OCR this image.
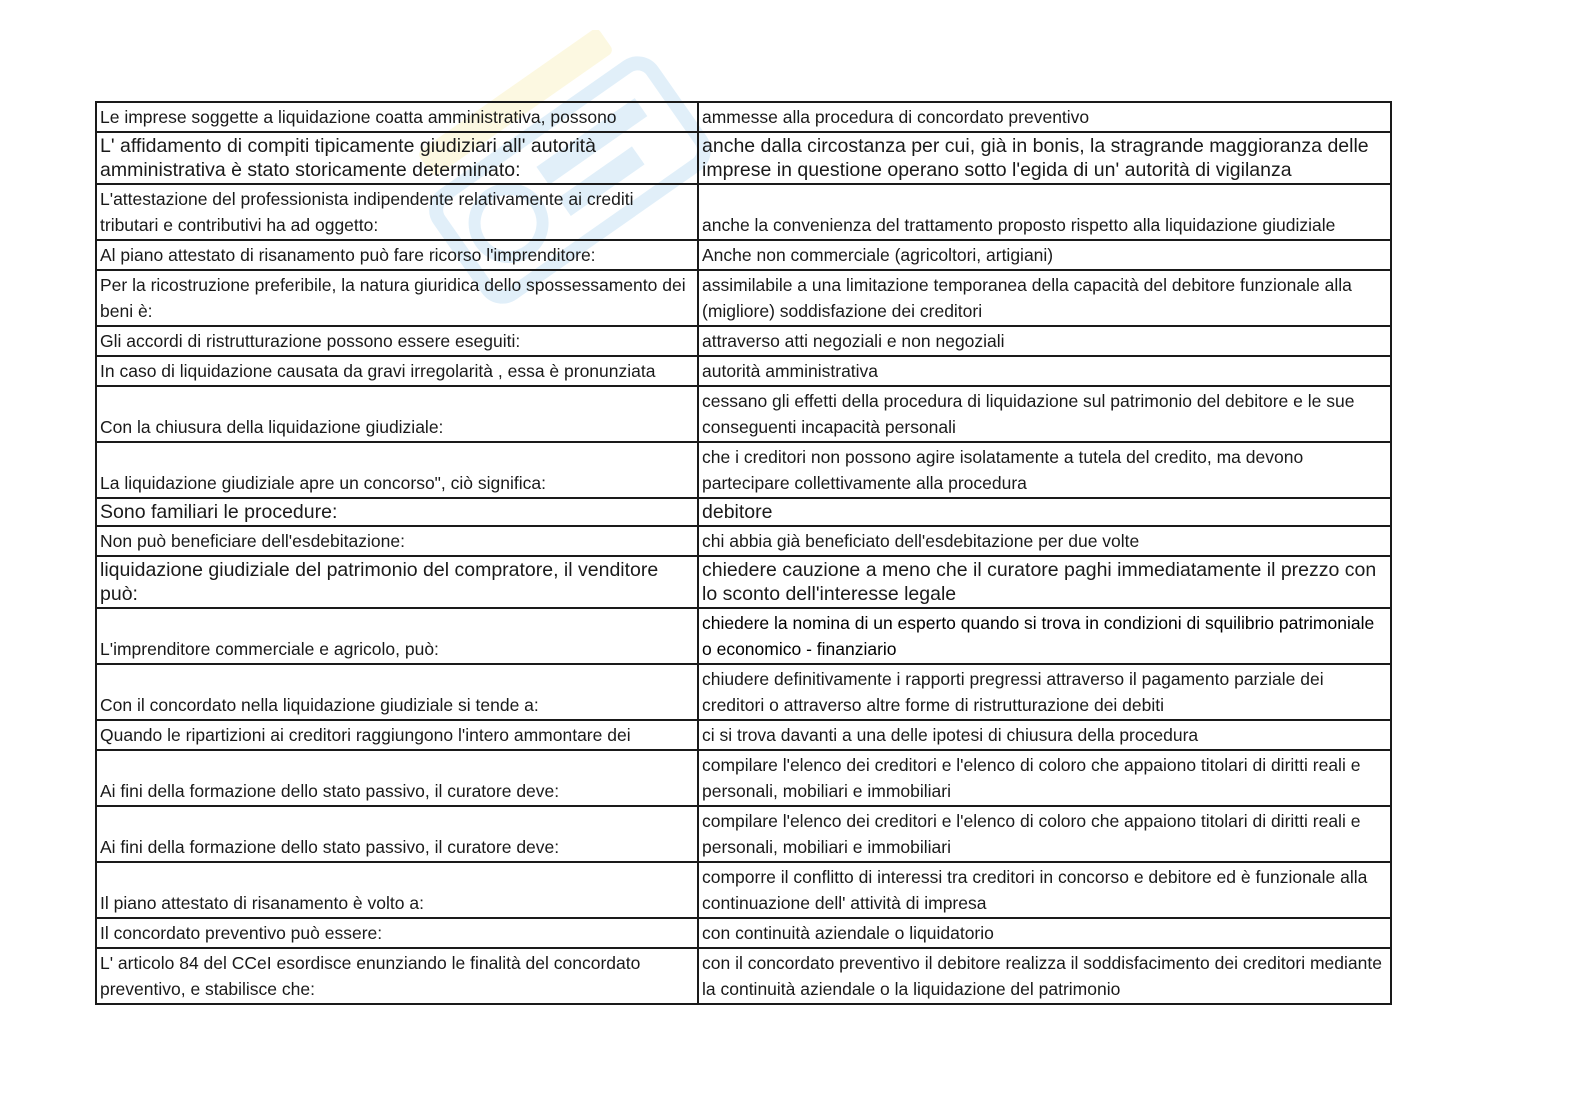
Le imprese soggette a liquidazione coatta amministrativa, possono	ammesse alla procedura di concordato preventivo
L' affidamento di compiti tipicamente giudiziari all' autorità amministrativa è stato storicamente determinato:	anche dalla circostanza per cui, già in bonis, la stragrande maggioranza delle imprese in questione operano sotto l'egida di un' autorità di vigilanza
L'attestazione del professionista indipendente relativamente ai crediti tributari e contributivi ha ad oggetto:	anche la convenienza del trattamento proposto rispetto alla liquidazione giudiziale
Al piano attestato di risanamento può fare ricorso l'imprenditore:	Anche non commerciale (agricoltori, artigiani)
Per la ricostruzione preferibile, la natura giuridica dello spossessamento dei beni è:	assimilabile a una limitazione temporanea della capacità del debitore funzionale alla (migliore) soddisfazione dei creditori
Gli accordi di ristrutturazione possono essere eseguiti:	attraverso atti negoziali e non negoziali
In caso di liquidazione causata da gravi irregolarità , essa è pronunziata	autorità amministrativa
Con la chiusura della liquidazione giudiziale:	cessano gli effetti della procedura di liquidazione sul patrimonio del debitore e le sue conseguenti incapacità personali
La liquidazione giudiziale apre un concorso", ciò significa:	che i creditori non possono agire isolatamente a tutela del credito, ma devono partecipare collettivamente alla procedura
Sono familiari le procedure:	debitore
Non può beneficiare dell'esdebitazione:	chi abbia già beneficiato dell'esdebitazione per due volte
liquidazione giudiziale del patrimonio del compratore, il venditore può:	chiedere cauzione a meno che il curatore paghi immediatamente il prezzo con lo sconto dell'interesse legale
L'imprenditore commerciale e agricolo, può:	chiedere la nomina di un esperto quando si trova in condizioni di squilibrio patrimoniale o economico - finanziario
Con il concordato nella liquidazione giudiziale si tende a:	chiudere definitivamente i rapporti pregressi attraverso il pagamento parziale dei creditori o attraverso altre forme di ristrutturazione dei debiti
Quando le ripartizioni ai creditori raggiungono l'intero ammontare dei	ci si trova davanti a una delle ipotesi di chiusura della procedura
Ai fini della formazione dello stato passivo, il curatore deve:	compilare l'elenco dei creditori e l'elenco di coloro che appaiono titolari di diritti reali e personali, mobiliari e immobiliari
Ai fini della formazione dello stato passivo, il curatore deve:	compilare l'elenco dei creditori e l'elenco di coloro che appaiono titolari di diritti reali e personali, mobiliari e immobiliari
Il piano attestato di risanamento è volto a:	comporre il conflitto di interessi tra creditori in concorso e debitore ed è funzionale alla continuazione dell' attività di impresa
Il concordato preventivo può essere:	con continuità aziendale o liquidatorio
L' articolo 84 del CCeI esordisce enunziando le finalità del concordato preventivo, e stabilisce che:	con il concordato preventivo il debitore realizza il soddisfacimento dei creditori mediante la continuità aziendale o la liquidazione del patrimonio
